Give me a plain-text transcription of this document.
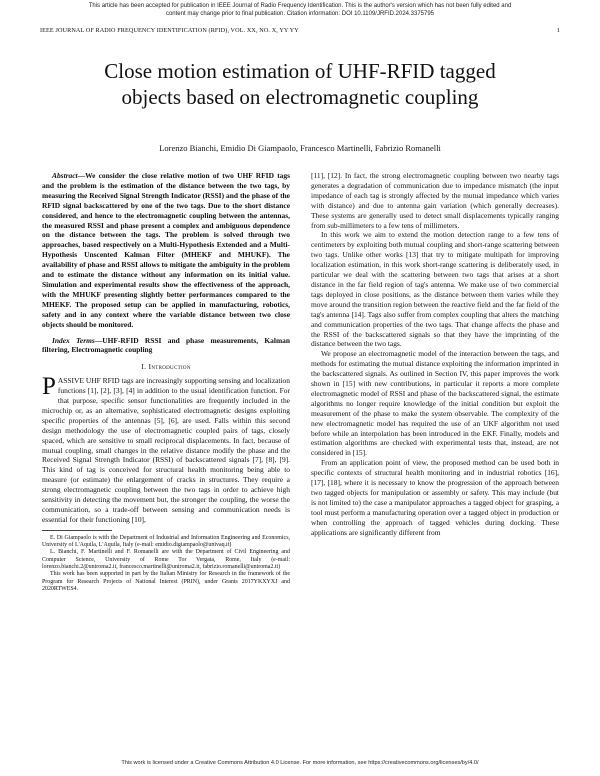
This article has been accepted for publication in IEEE Journal of Radio Frequency Identification. This is the author's version which has not been fully edited and
content may change prior to final publication. Citation information: DOI 10.1109/JRFID.2024.3375795
IEEE JOURNAL OF RADIO FREQUENCY IDENTIFICATION (RFID), VOL. XX, NO. X, YY YY	1
Close motion estimation of UHF-RFID tagged
objects based on electromagnetic coupling
Lorenzo Bianchi, Emidio Di Giampaolo, Francesco Martinelli, Fabrizio Romanelli

Abstract—We consider the close relative motion of two UHF RFID tags and the problem is the estimation of the distance between the two tags, by measuring the Received Signal Strength Indicator (RSSI) and the phase of the RFID signal backscattered by one of the two tags. Due to the short distance considered, and hence to the electromagnetic coupling between the antennas, the measured RSSI and phase present a complex and ambiguous dependence on the distance between the tags. The problem is solved through two approaches, based respectively on a Multi-Hypothesis Extended and a Multi-Hypothesis Unscented Kalman Filter (MHEKF and MHUKF). The availability of phase and RSSI allows to mitigate the ambiguity in the problem and to estimate the distance without any information on its initial value. Simulation and experimental results show the effectiveness of the approach, with the MHUKF presenting slightly better performances compared to the MHEKF. The proposed setup can be applied in manufacturing, robotics, safety and in any context where the variable distance between two close objects should be monitored.

Index Terms—UHF-RFID RSSI and phase measurements, Kalman filtering, Electromagnetic coupling

I. Introduction

PASSIVE UHF RFID tags are increasingly supporting sensing and localization functions [1], [2], [3], [4] in addition to the usual identification function. For that purpose, specific sensor functionalities are frequently included in the microchip or, as an alternative, sophisticated electromagnetic designs exploiting specific properties of the antennas [5], [6], are used. Falls within this second design methodology the use of electromagnetic coupled pairs of tags, closely spaced, which are sensitive to small reciprocal displacements. In fact, because of mutual coupling, small changes in the relative distance modify the phase and the Received Signal Strength Indicator (RSSI) of backscattered signals [7], [8], [9]. This kind of tag is conceived for structural health monitoring being able to measure (or estimate) the enlargement of cracks in structures. They require a strong electromagnetic coupling between the two tags in order to achieve high sensitivity in detecting the movement but, the stronger the coupling, the worse the communication, so a trade-off between sensing and communication needs is essential for their functioning [10],

E. Di Giampaolo is with the Department of Industrial and Information Engineering and Economics, University of L'Aquila, L'Aquila, Italy (e-mail: emidio.digiampaolo@univaq.it)

L. Bianchi, F. Martinelli and F. Romanelli are with the Department of Civil Engineering and Computer Science, University of Rome Tor Vergata, Rome, Italy (e-mail: lorenzo.bianchi.2@uniroma2.it, francesco.martinelli@uniroma2.it, fabrizio.romanelli@uniroma2.it)

This work has been supported in part by the Italian Ministry for Research in the framework of the Program for Research Projects of National Interest (PRIN), under Grants 2017YKXYXJ and 2020RTWES4.

[11], [12]. In fact, the strong electromagnetic coupling between two nearby tags generates a degradation of communication due to impedance mismatch (the input impedance of each tag is strongly affected by the mutual impedance which varies with distance) and due to antenna gain variation (which generally decreases). These systems are generally used to detect small displacements typically ranging from sub-millimeters to a few tens of millimeters.

In this work we aim to extend the motion detection range to a few tens of centimeters by exploiting both mutual coupling and short-range scattering between two tags. Unlike other works [13] that try to mitigate multipath for improving localization estimation, in this work short-range scattering is deliberately used, in particular we deal with the scattering between two tags that arises at a short distance in the far field region of tag's antenna. We make use of two commercial tags deployed in close positions, as the distance between them varies while they move around the transition region between the reactive field and the far field of the tag's antenna [14]. Tags also suffer from complex coupling that alters the matching and communication properties of the two tags. That change affects the phase and the RSSI of the backscattered signals so that they have the imprinting of the distance between the two tags.

We propose an electromagnetic model of the interaction between the tags, and methods for estimating the mutual distance exploiting the information imprinted in the backscattered signals. As outlined in Section IV, this paper improves the work shown in [15] with new contributions, in particular it reports a more complete electromagnetic model of RSSI and phase of the backscattered signal, the estimate algorithms no longer require knowledge of the initial condition but exploit the measurement of the phase to make the system observable. The complexity of the new electromagnetic model has required the use of an UKF algorithm not used before while an interpolation has been introduced in the EKF. Finally, models and estimation algorithms are checked with experimental tests that, instead, are not considered in [15].

From an application point of view, the proposed method can be used both in specific contexts of structural health monitoring and in industrial robotics [16], [17], [18], where it is necessary to know the progression of the approach between two tagged objects for manipulation or assembly or safety. This may include (but is not limited to) the case a manipulator approaches a tagged object for grasping, a tool must perform a manufacturing operation over a tagged object in production or when controlling the approach of tagged vehicles during docking. These applications are significantly different from

This work is licensed under a Creative Commons Attribution 4.0 License. For more information, see https://creativecommons.org/licenses/by/4.0/
